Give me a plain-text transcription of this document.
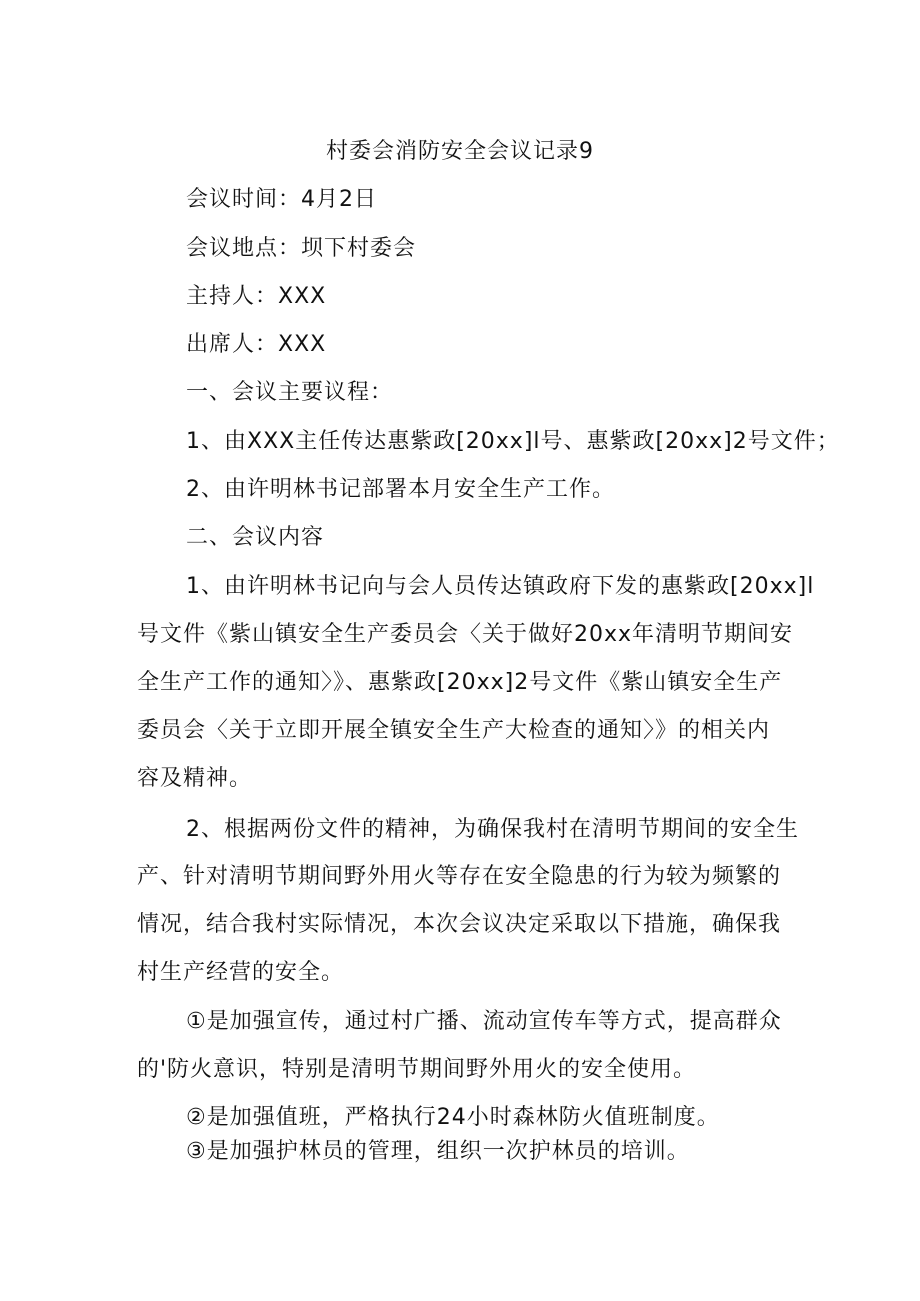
村委会消防安全会议记录9
会议时间：4月2日
会议地点：坝下村委会
主持人：XXX
出席人：XXX
一、会议主要议程：
1、由XXX主任传达惠紫政[20xx]l号、惠紫政[20xx]2号文件；
2、由许明林书记部署本月安全生产工作。
二、会议内容
1、由许明林书记向与会人员传达镇政府下发的惠紫政[20xx]l
号文件《紫山镇安全生产委员会〈关于做好20xx年清明节期间安
全生产工作的通知〉》、惠紫政[20xx]2号文件《紫山镇安全生产
委员会〈关于立即开展全镇安全生产大检查的通知〉》的相关内
容及精神。
2、根据两份文件的精神，为确保我村在清明节期间的安全生
产、针对清明节期间野外用火等存在安全隐患的行为较为频繁的
情况，结合我村实际情况，本次会议决定采取以下措施，确保我
村生产经营的安全。
①是加强宣传，通过村广播、流动宣传车等方式，提高群众
的'防火意识，特别是清明节期间野外用火的安全使用。
②是加强值班，严格执行24小时森林防火值班制度。
③是加强护林员的管理，组织一次护林员的培训。
